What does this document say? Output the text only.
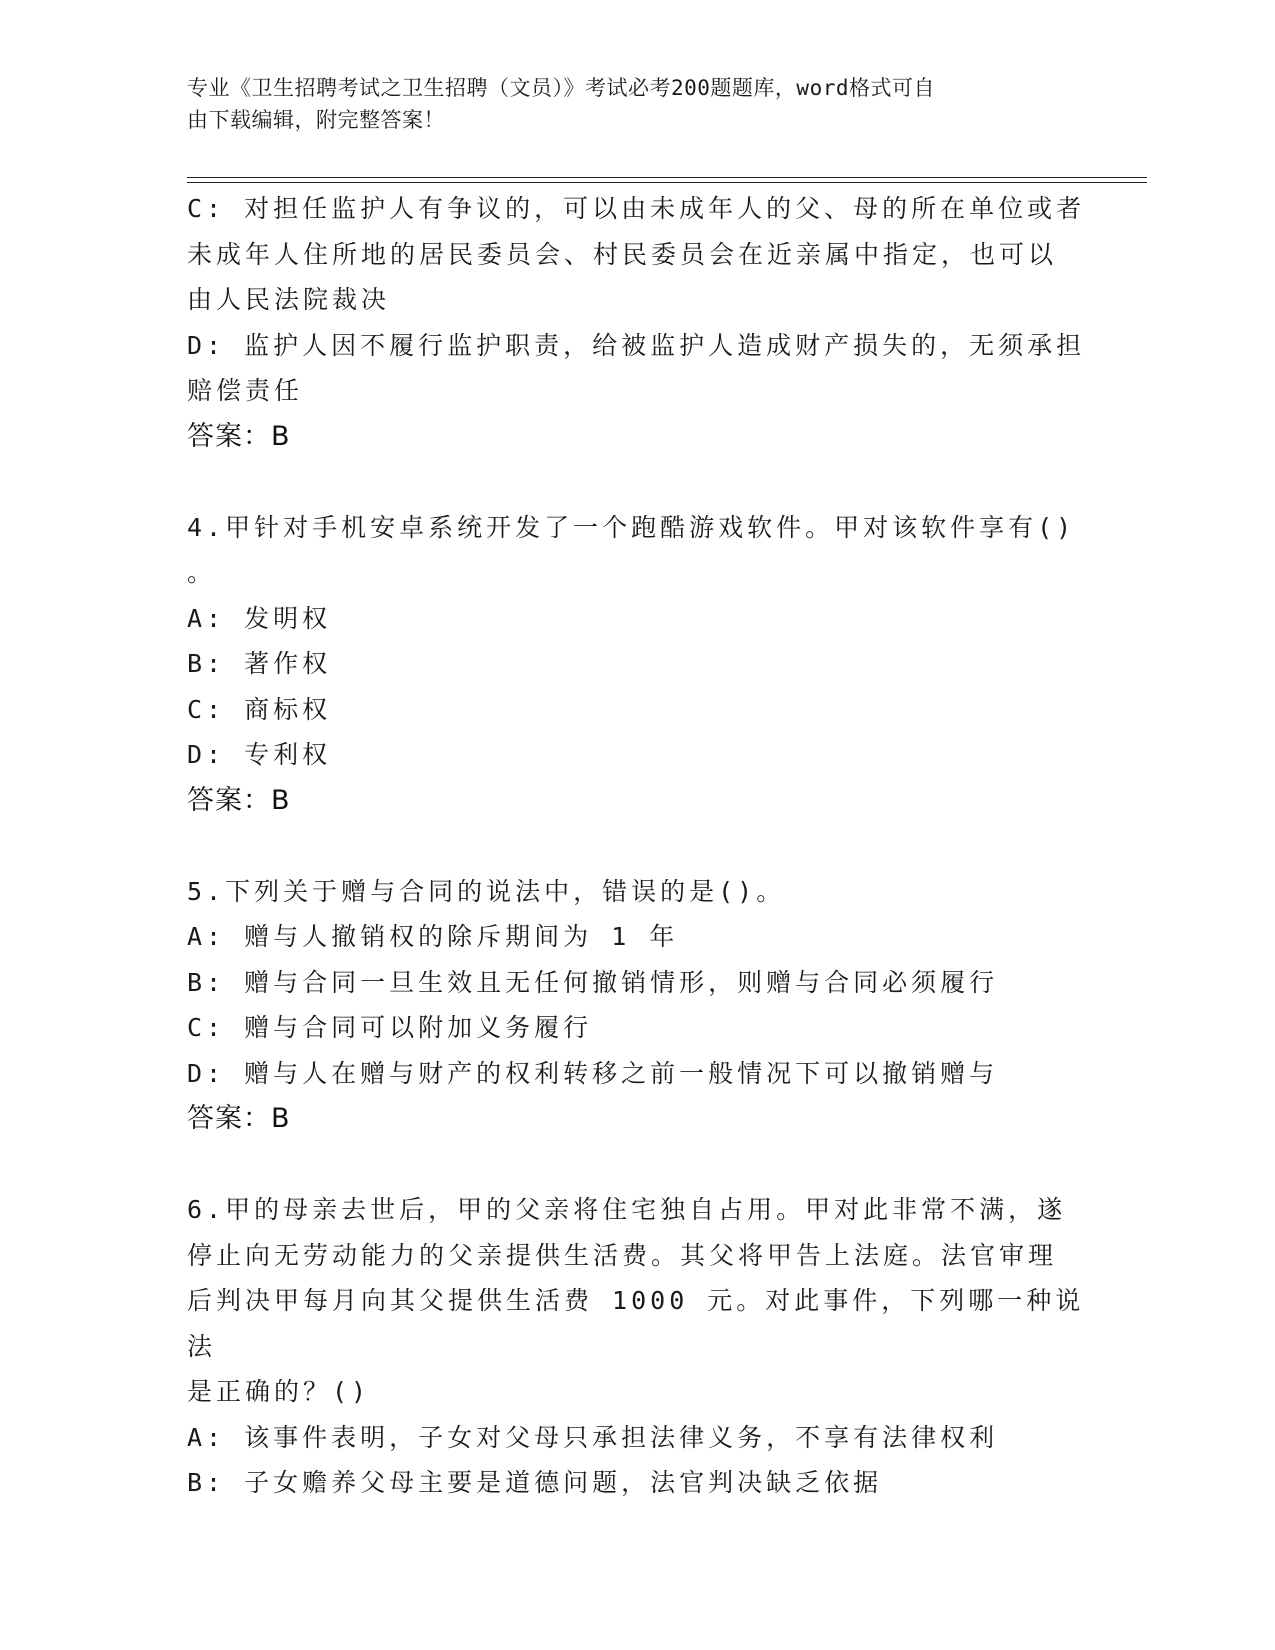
专业《卫生招聘考试之卫生招聘（文员）》考试必考200题题库，word格式可自
由下载编辑，附完整答案！

C: 对担任监护人有争议的，可以由未成年人的父、母的所在单位或者

未成年人住所地的居民委员会、村民委员会在近亲属中指定，也可以

由人民法院裁决

D: 监护人因不履行监护职责，给被监护人造成财产损失的，无须承担

赔偿责任

答案：B

4.甲针对手机安卓系统开发了一个跑酷游戏软件。甲对该软件享有()

。

A: 发明权

B: 著作权

C: 商标权

D: 专利权

答案：B

5.下列关于赠与合同的说法中，错误的是()。

A: 赠与人撤销权的除斥期间为 1 年

B: 赠与合同一旦生效且无任何撤销情形，则赠与合同必须履行

C: 赠与合同可以附加义务履行

D: 赠与人在赠与财产的权利转移之前一般情况下可以撤销赠与

答案：B

6.甲的母亲去世后，甲的父亲将住宅独自占用。甲对此非常不满，遂

停止向无劳动能力的父亲提供生活费。其父将甲告上法庭。法官审理

后判决甲每月向其父提供生活费 1000 元。对此事件，下列哪一种说法

是正确的？()

A: 该事件表明，子女对父母只承担法律义务，不享有法律权利

B: 子女赡养父母主要是道德问题，法官判决缺乏依据
